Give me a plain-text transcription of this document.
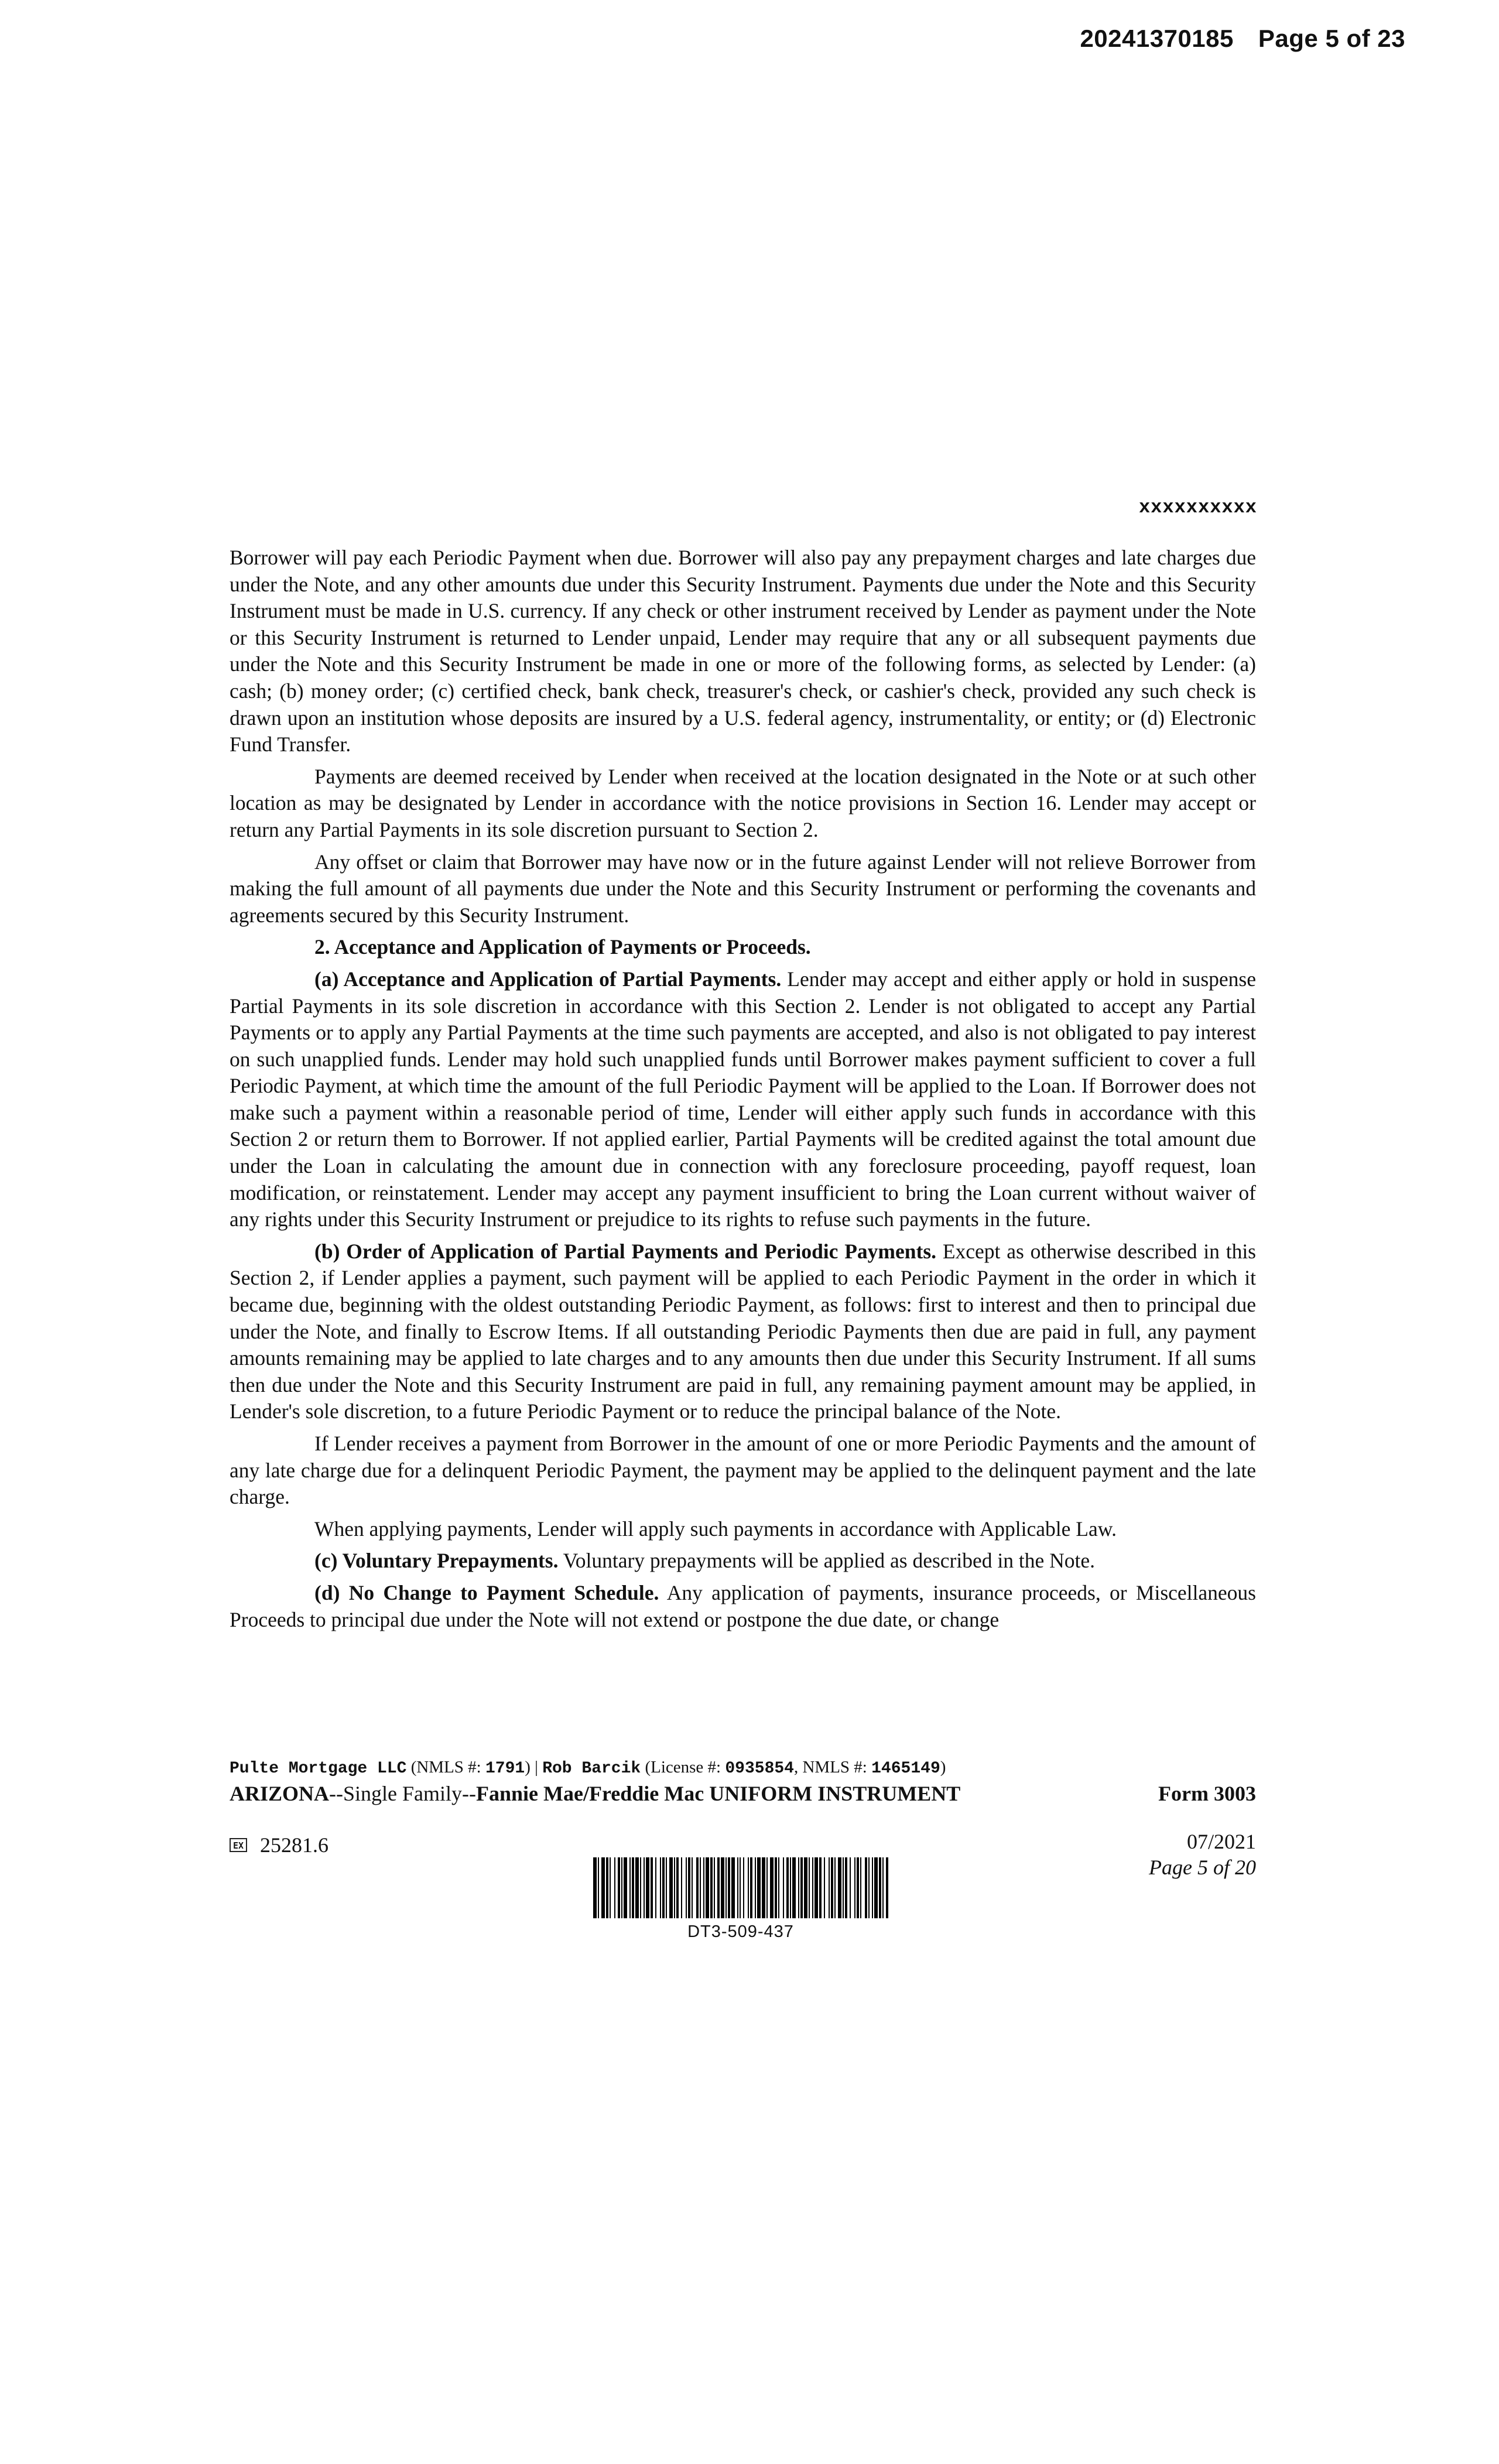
20241370185 Page 5 of 23
xxxxxxxxxx

Borrower will pay each Periodic Payment when due. Borrower will also pay any prepayment charges and late charges due under the Note, and any other amounts due under this Security Instrument. Payments due under the Note and this Security Instrument must be made in U.S. currency. If any check or other instrument received by Lender as payment under the Note or this Security Instrument is returned to Lender unpaid, Lender may require that any or all subsequent payments due under the Note and this Security Instrument be made in one or more of the following forms, as selected by Lender: (a) cash; (b) money order; (c) certified check, bank check, treasurer's check, or cashier's check, provided any such check is drawn upon an institution whose deposits are insured by a U.S. federal agency, instrumentality, or entity; or (d) Electronic Fund Transfer.

Payments are deemed received by Lender when received at the location designated in the Note or at such other location as may be designated by Lender in accordance with the notice provisions in Section 16. Lender may accept or return any Partial Payments in its sole discretion pursuant to Section 2.

Any offset or claim that Borrower may have now or in the future against Lender will not relieve Borrower from making the full amount of all payments due under the Note and this Security Instrument or performing the covenants and agreements secured by this Security Instrument.

2. Acceptance and Application of Payments or Proceeds.

(a) Acceptance and Application of Partial Payments. Lender may accept and either apply or hold in suspense Partial Payments in its sole discretion in accordance with this Section 2. Lender is not obligated to accept any Partial Payments or to apply any Partial Payments at the time such payments are accepted, and also is not obligated to pay interest on such unapplied funds. Lender may hold such unapplied funds until Borrower makes payment sufficient to cover a full Periodic Payment, at which time the amount of the full Periodic Payment will be applied to the Loan. If Borrower does not make such a payment within a reasonable period of time, Lender will either apply such funds in accordance with this Section 2 or return them to Borrower. If not applied earlier, Partial Payments will be credited against the total amount due under the Loan in calculating the amount due in connection with any foreclosure proceeding, payoff request, loan modification, or reinstatement. Lender may accept any payment insufficient to bring the Loan current without waiver of any rights under this Security Instrument or prejudice to its rights to refuse such payments in the future.

(b) Order of Application of Partial Payments and Periodic Payments. Except as otherwise described in this Section 2, if Lender applies a payment, such payment will be applied to each Periodic Payment in the order in which it became due, beginning with the oldest outstanding Periodic Payment, as follows: first to interest and then to principal due under the Note, and finally to Escrow Items. If all outstanding Periodic Payments then due are paid in full, any payment amounts remaining may be applied to late charges and to any amounts then due under this Security Instrument. If all sums then due under the Note and this Security Instrument are paid in full, any remaining payment amount may be applied, in Lender's sole discretion, to a future Periodic Payment or to reduce the principal balance of the Note.

If Lender receives a payment from Borrower in the amount of one or more Periodic Payments and the amount of any late charge due for a delinquent Periodic Payment, the payment may be applied to the delinquent payment and the late charge.

When applying payments, Lender will apply such payments in accordance with Applicable Law.

(c) Voluntary Prepayments. Voluntary prepayments will be applied as described in the Note.

(d) No Change to Payment Schedule. Any application of payments, insurance proceeds, or Miscellaneous Proceeds to principal due under the Note will not extend or postpone the due date, or change

Pulte Mortgage LLC (NMLS #: 1791) | Rob Barcik (License #: 0935854, NMLS #: 1465149)
ARIZONA--Single Family--Fannie Mae/Freddie Mac UNIFORM INSTRUMENT	Form 3003
EX 25281.6	07/2021
Page 5 of 20
DT3-509-437
